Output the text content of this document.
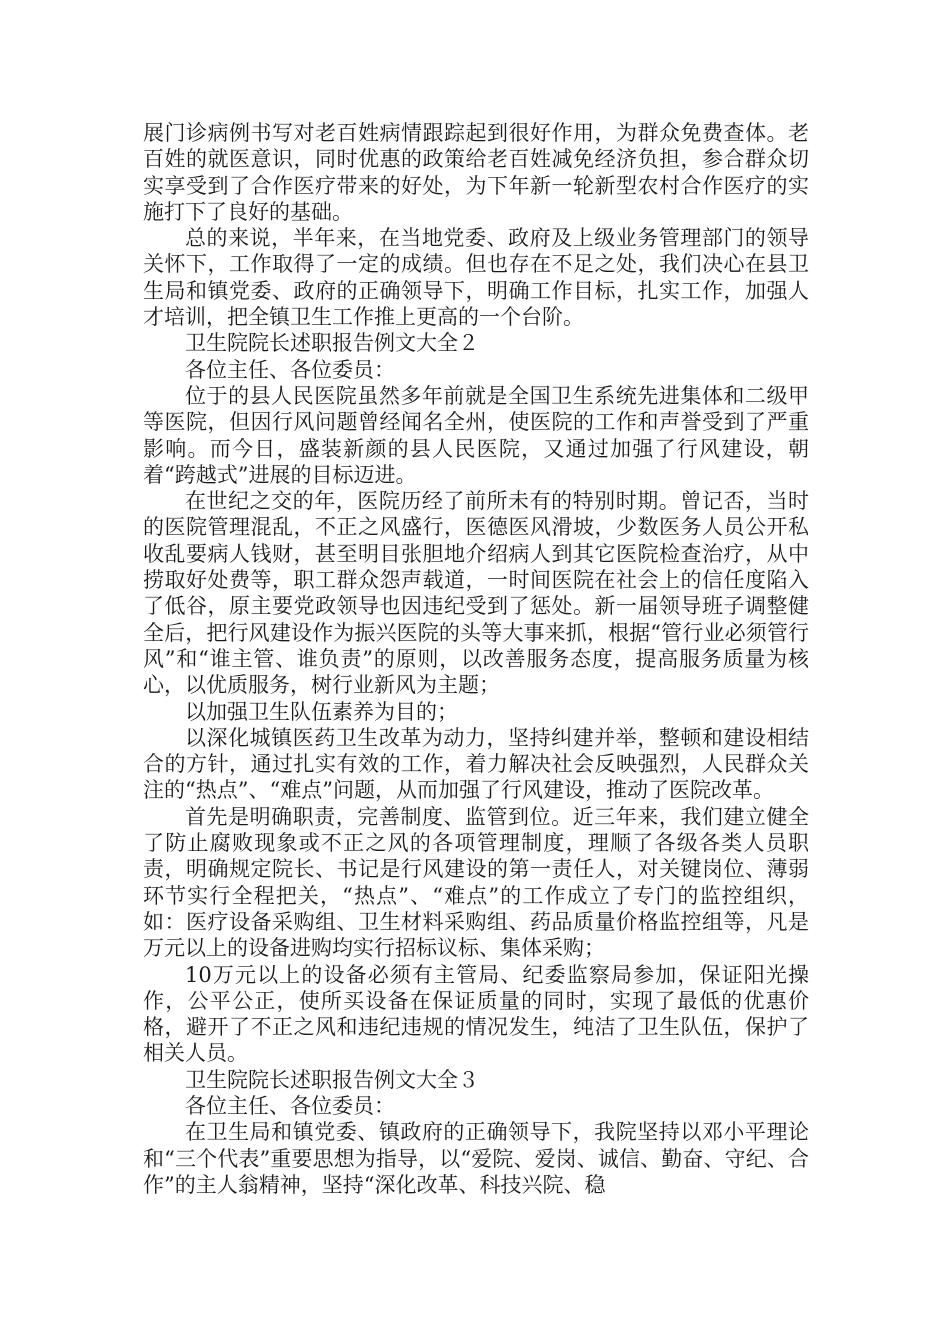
展门诊病例书写对老百姓病情跟踪起到很好作用，为群众免费查体。老百姓的就医意识，同时优惠的政策给老百姓减免经济负担，参合群众切实享受到了合作医疗带来的好处，为下年新一轮新型农村合作医疗的实施打下了良好的基础。

总的来说，半年来，在当地党委、政府及上级业务管理部门的领导关怀下，工作取得了一定的成绩。但也存在不足之处，我们决心在县卫生局和镇党委、政府的正确领导下，明确工作目标，扎实工作，加强人才培训，把全镇卫生工作推上更高的一个台阶。

卫生院院长述职报告例文大全２

各位主任、各位委员：

位于的县人民医院虽然多年前就是全国卫生系统先进集体和二级甲等医院，但因行风问题曾经闻名全州，使医院的工作和声誉受到了严重影响。而今日，盛装新颜的县人民医院，又通过加强了行风建设，朝着“跨越式”进展的目标迈进。

在世纪之交的年，医院历经了前所未有的特别时期。曾记否，当时的医院管理混乱，不正之风盛行，医德医风滑坡，少数医务人员公开私收乱要病人钱财，甚至明目张胆地介绍病人到其它医院检查治疗，从中捞取好处费等，职工群众怨声载道，一时间医院在社会上的信任度陷入了低谷，原主要党政领导也因违纪受到了惩处。新一届领导班子调整健全后，把行风建设作为振兴医院的头等大事来抓，根据“管行业必须管行风”和“谁主管、谁负责”的原则，以改善服务态度，提高服务质量为核心，以优质服务，树行业新风为主题；

以加强卫生队伍素养为目的；

以深化城镇医药卫生改革为动力，坚持纠建并举，整顿和建设相结合的方针，通过扎实有效的工作，着力解决社会反映强烈，人民群众关注的“热点”、“难点”问题，从而加强了行风建设，推动了医院改革。

首先是明确职责，完善制度、监管到位。近三年来，我们建立健全了防止腐败现象或不正之风的各项管理制度，理顺了各级各类人员职责，明确规定院长、书记是行风建设的第一责任人，对关键岗位、薄弱环节实行全程把关，“热点”、“难点”的工作成立了专门的监控组织，如：医疗设备采购组、卫生材料采购组、药品质量价格监控组等，凡是万元以上的设备进购均实行招标议标、集体采购；

10万元以上的设备必须有主管局、纪委监察局参加，保证阳光操作，公平公正，使所买设备在保证质量的同时，实现了最低的优惠价格，避开了不正之风和违纪违规的情况发生，纯洁了卫生队伍，保护了相关人员。

卫生院院长述职报告例文大全３

各位主任、各位委员：

在卫生局和镇党委、镇政府的正确领导下，我院坚持以邓小平理论和“三个代表”重要思想为指导，以“爱院、爱岗、诚信、勤奋、守纪、合作”的主人翁精神，坚持“深化改革、科技兴院、稳
